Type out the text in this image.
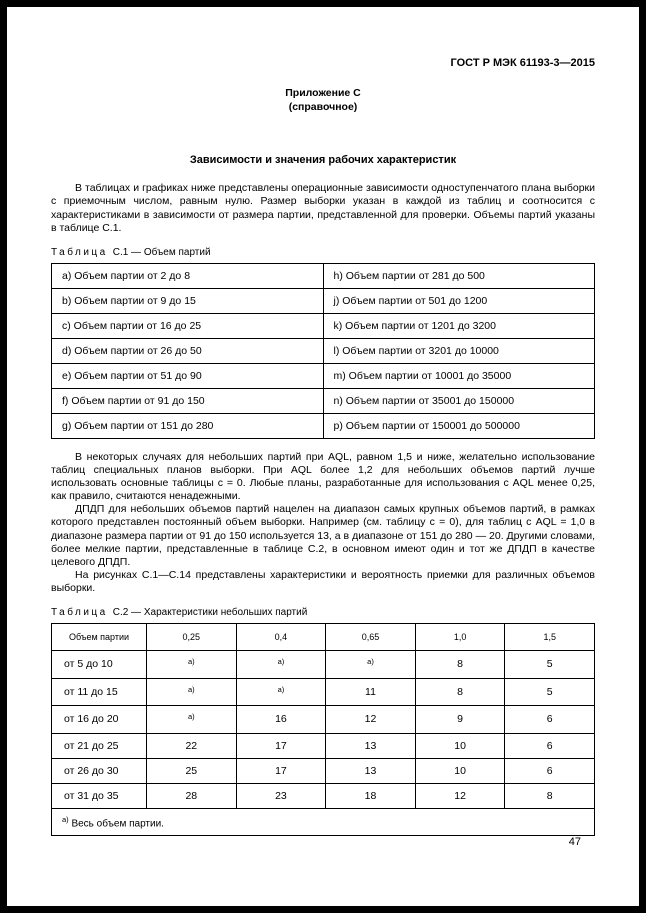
ГОСТ Р МЭК 61193-3—2015
Приложение С
(справочное)
Зависимости и значения рабочих характеристик

В таблицах и графиках ниже представлены операционные зависимости одноступенчатого плана выборки с приемочным числом, равным нулю. Размер выборки указан в каждой из таблиц и соотносится с характеристиками в зависимости от размера партии, представленной для проверки. Объемы партий указаны в таблице С.1.

Таблица С.1 — Объем партий
a) Объем партии от 2 до 8	h) Объем партии от 281 до 500
b) Объем партии от 9 до 15	j) Объем партии от 501 до 1200
c) Объем партии от 16 до 25	k) Объем партии от 1201 до 3200
d) Объем партии от 26 до 50	l) Объем партии от 3201 до 10000
e) Объем партии от 51 до 90	m) Объем партии от 10001 до 35000
f) Объем партии от 91 до 150	n) Объем партии от 35001 до 150000
g) Объем партии от 151 до 280	p) Объем партии от 150001 до 500000

В некоторых случаях для небольших партий при AQL, равном 1,5 и ниже, желательно использование таблиц специальных планов выборки. При AQL более 1,2 для небольших объемов партий лучше использовать основные таблицы с = 0. Любые планы, разработанные для использования с AQL менее 0,25, как правило, считаются ненадежными.

ДПДП для небольших объемов партий нацелен на диапазон самых крупных объемов партий, в рамках которого представлен постоянный объем выборки. Например (см. таблицу с = 0), для таблиц с AQL = 1,0 в диапазоне размера партии от 91 до 150 используется 13, а в диапазоне от 151 до 280 — 20. Другими словами, более мелкие партии, представленные в таблице С.2, в основном имеют один и тот же ДПДП в качестве целевого ДПДП.

На рисунках С.1—С.14 представлены характеристики и вероятность приемки для различных объемов выборки.

Таблица С.2 — Характеристики небольших партий
Объем партии	0,25	0,4	0,65	1,0	1,5
от 5 до 10	$^{а)}$	$^{а)}$	$^{а)}$	8	5
от 11 до 15	$^{а)}$	$^{а)}$	11	8	5
от 16 до 20	$^{а)}$	16	12	9	6
от 21 до 25	22	17	13	10	6
от 26 до 30	25	17	13	10	6
от 31 до 35	28	23	18	12	8
$^{а)}$ Весь объем партии.					
47
